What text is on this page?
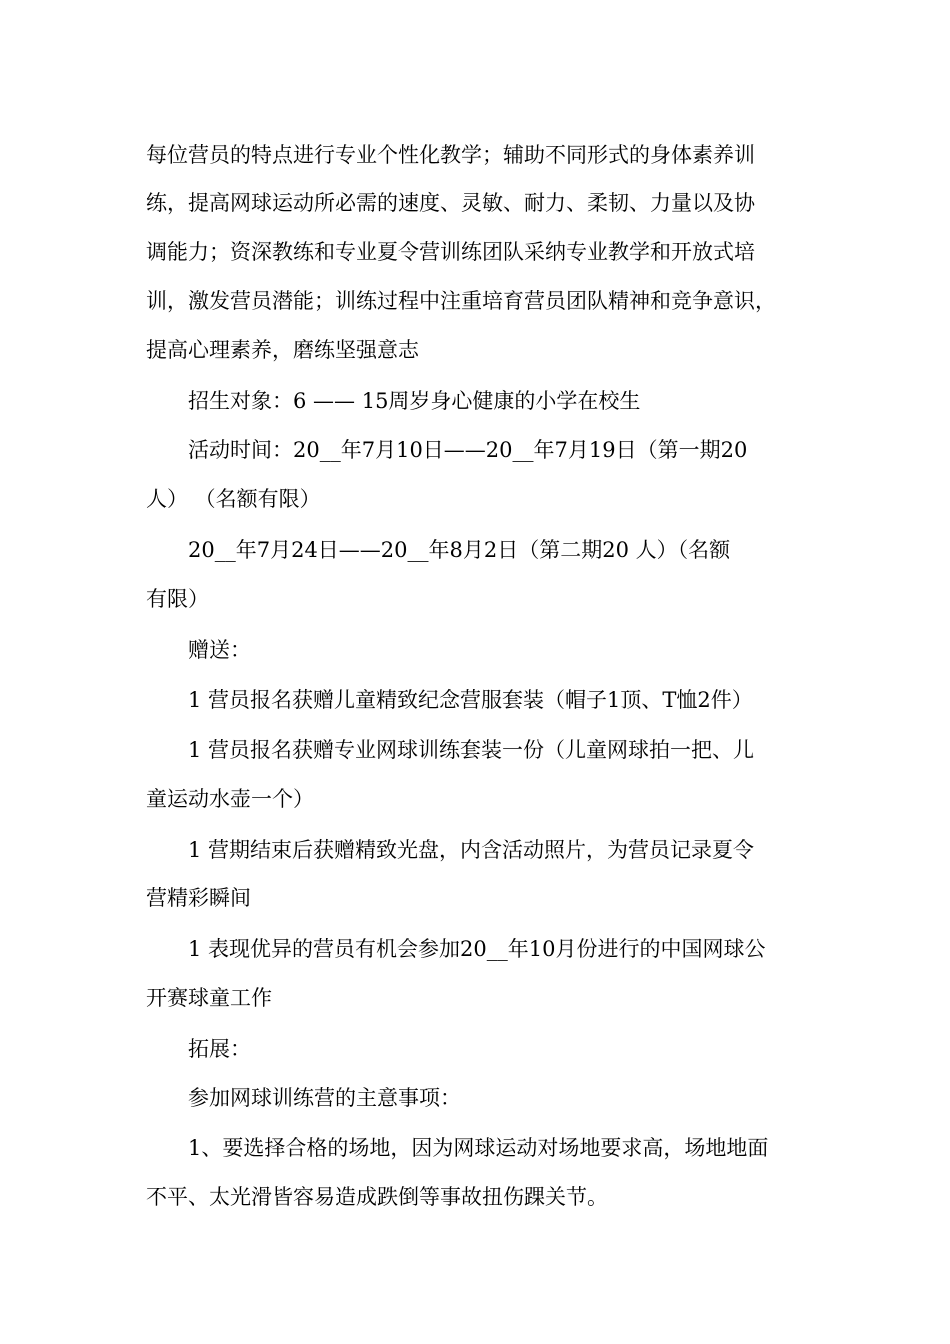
每位营员的特点进行专业个性化教学；辅助不同形式的身体素养训
练，提高网球运动所必需的速度、灵敏、耐力、柔韧、力量以及协
调能力；资深教练和专业夏令营训练团队采纳专业教学和开放式培
训，激发营员潜能；训练过程中注重培育营员团队精神和竞争意识，
提高心理素养，磨练坚强意志
招生对象：6 —— 15周岁身心健康的小学在校生
活动时间：20__年7月10日——20__年7月19日（第一期20
人） （名额有限）
20__年7月24日——20__年8月2日（第二期20 人）（名额
有限）
赠送：
1 营员报名获赠儿童精致纪念营服套装（帽子1顶、T恤2件）
1 营员报名获赠专业网球训练套装一份（儿童网球拍一把、儿
童运动水壶一个）
1 营期结束后获赠精致光盘，内含活动照片，为营员记录夏令
营精彩瞬间
1 表现优异的营员有机会参加20__年10月份进行的中国网球公
开赛球童工作
拓展：
参加网球训练营的主意事项：
1、要选择合格的场地，因为网球运动对场地要求高，场地地面
不平、太光滑皆容易造成跌倒等事故扭伤踝关节。
